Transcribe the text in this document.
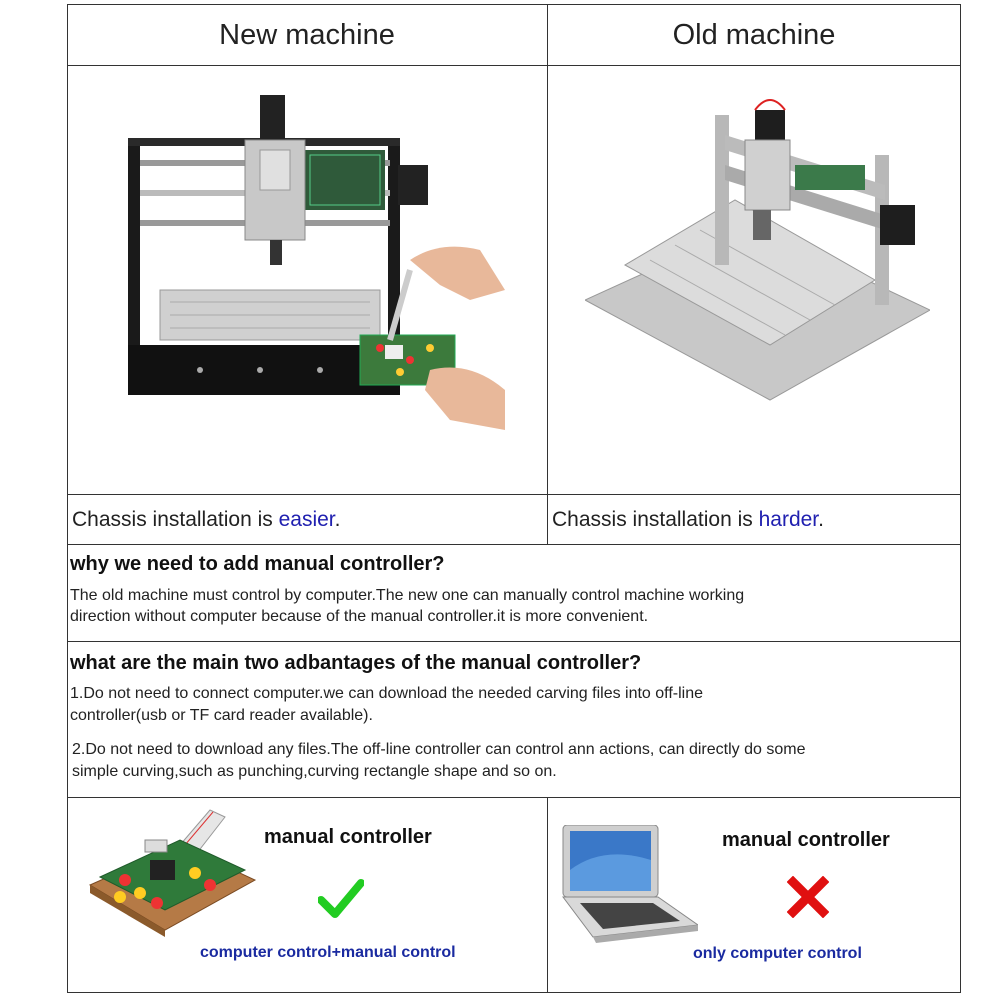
New machine	Old machine
Chassis installation is easier.	Chassis installation is harder.
why we need to add manual controller?
The old machine must control by computer.The new one can manually control machine working
direction without computer because of the manual controller.it is more convenient.
what are the main two adbantages of the manual controller?
1.Do not need to connect computer.we can download the needed carving files into off-line
controller(usb or TF card reader available).
2.Do not need to download any files.The off-line controller can control ann actions, can directly do some
simple curving,such as punching,curving rectangle shape and so on.
manual controller
computer control+manual control
manual controller
only computer control
